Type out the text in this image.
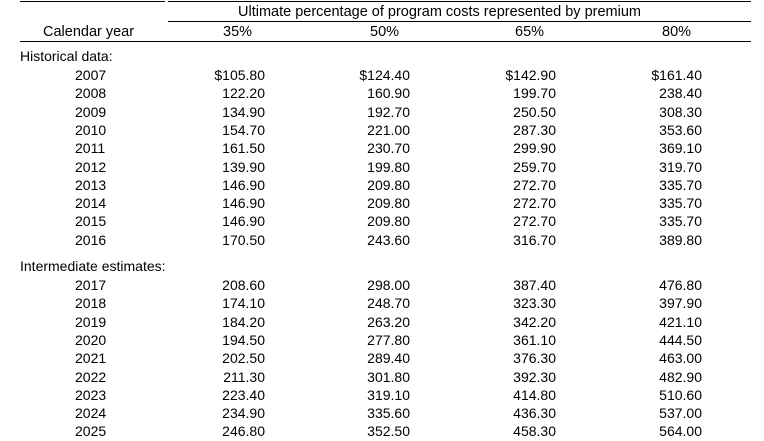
Ultimate percentage of program costs represented by premium
Calendar year	35%	50%	65%	80%
Historical data:
2007	$105.80	$124.40	$142.90	$161.40
2008	122.20	160.90	199.70	238.40
2009	134.90	192.70	250.50	308.30
2010	154.70	221.00	287.30	353.60
2011	161.50	230.70	299.90	369.10
2012	139.90	199.80	259.70	319.70
2013	146.90	209.80	272.70	335.70
2014	146.90	209.80	272.70	335.70
2015	146.90	209.80	272.70	335.70
2016	170.50	243.60	316.70	389.80
Intermediate estimates:
2017	208.60	298.00	387.40	476.80
2018	174.10	248.70	323.30	397.90
2019	184.20	263.20	342.20	421.10
2020	194.50	277.80	361.10	444.50
2021	202.50	289.40	376.30	463.00
2022	211.30	301.80	392.30	482.90
2023	223.40	319.10	414.80	510.60
2024	234.90	335.60	436.30	537.00
2025	246.80	352.50	458.30	564.00
